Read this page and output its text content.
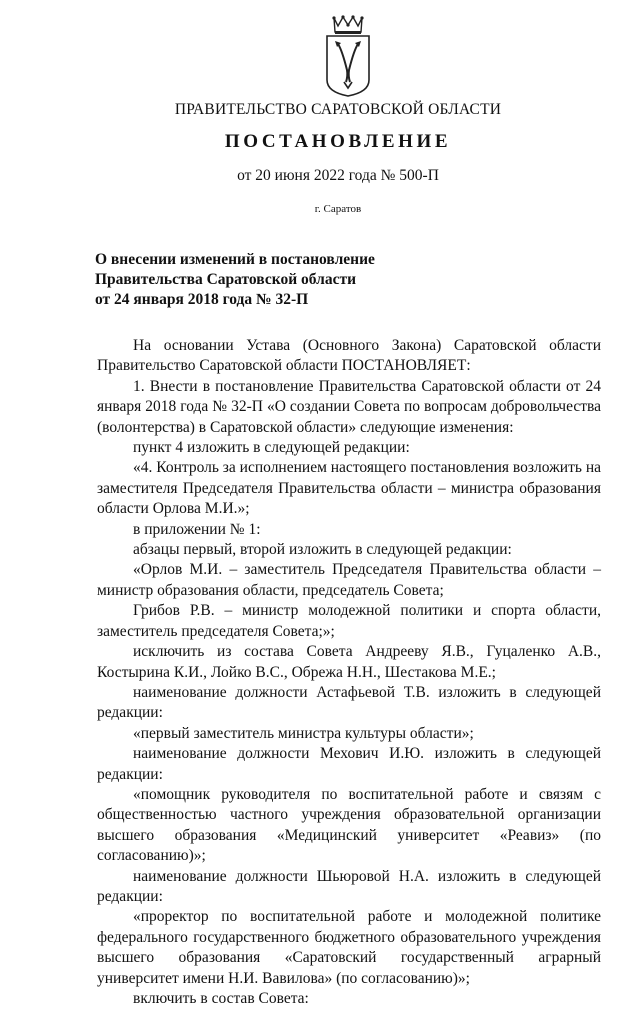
ПРАВИТЕЛЬСТВО САРАТОВСКОЙ ОБЛАСТИ
ПОСТАНОВЛЕНИЕ
от 20 июня 2022 года № 500-П
г. Саратов
О внесении изменений в постановление
Правительства Саратовской области
от 24 января 2018 года № 32-П

На основании Устава (Основного Закона) Саратовской области Правительство Саратовской области ПОСТАНОВЛЯЕТ:

1. Внести в постановление Правительства Саратовской области от 24 января 2018 года № 32-П «О создании Совета по вопросам добровольчества (волонтерства) в Саратовской области» следующие изменения:

пункт 4 изложить в следующей редакции:

«4. Контроль за исполнением настоящего постановления возложить на заместителя Председателя Правительства области – министра образования области Орлова М.И.»;

в приложении № 1:

абзацы первый, второй изложить в следующей редакции:

«Орлов М.И. – заместитель Председателя Правительства области – министр образования области, председатель Совета;

Грибов Р.В. – министр молодежной политики и спорта области, заместитель председателя Совета;»;

исключить из состава Совета Андрееву Я.В., Гуцаленко А.В., Костырина К.И., Лойко В.С., Обрежа Н.Н., Шестакова М.Е.;

наименование должности Астафьевой Т.В. изложить в следующей редакции:

«первый заместитель министра культуры области»;

наименование должности Мехович И.Ю. изложить в следующей редакции:

«помощник руководителя по воспитательной работе и связям с общественностью частного учреждения образовательной организации высшего образования «Медицинский университет «Реавиз» (по согласованию)»;

наименование должности Шьюровой Н.А. изложить в следующей редакции:

«проректор по воспитательной работе и молодежной политике федерального государственного бюджетного образовательного учреждения высшего образования «Саратовский государственный аграрный университет имени Н.И. Вавилова» (по согласованию)»;

включить в состав Совета:
